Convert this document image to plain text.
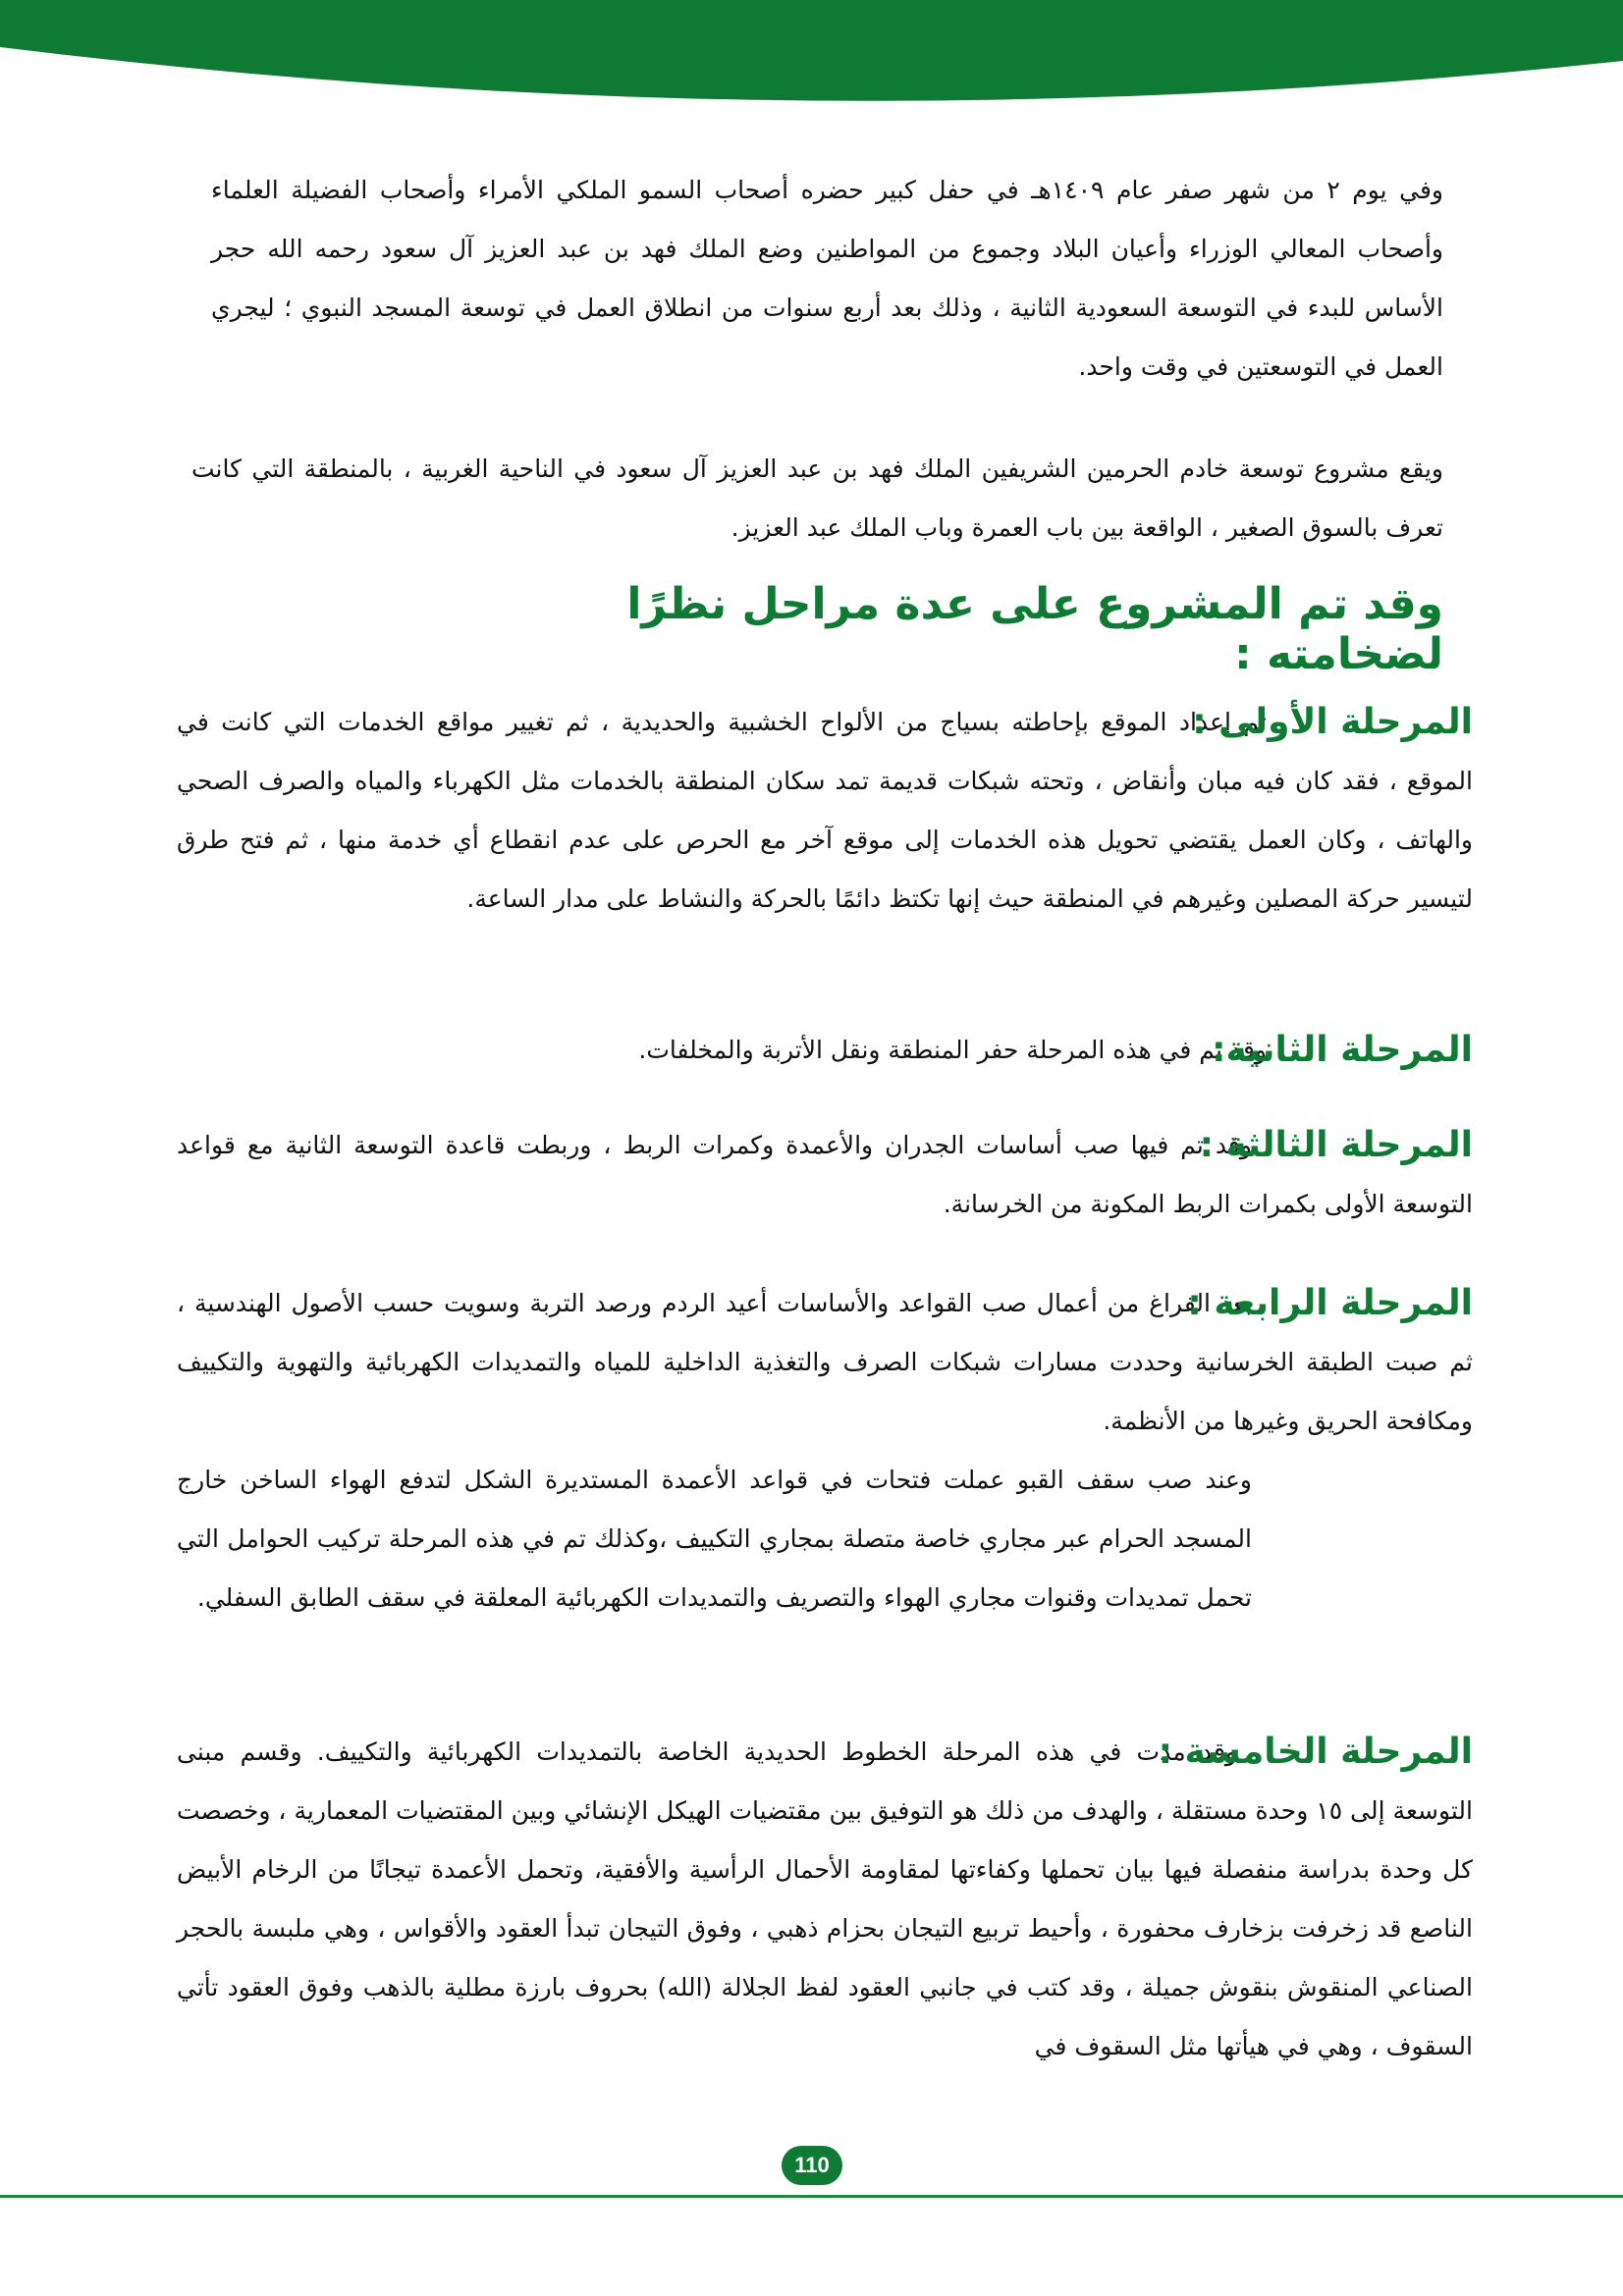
وفي يوم ٢ من شهر صفر عام ١٤٠٩هـ في حفل كبير حضره أصحاب السمو الملكي الأمراء وأصحاب الفضيلة العلماء وأصحاب المعالي الوزراء وأعيان البلاد وجموع من المواطنين وضع الملك فهد بن عبد العزيز آل سعود رحمه الله حجر الأساس للبدء في التوسعة السعودية الثانية ، وذلك بعد أربع سنوات من انطلاق العمل في توسعة المسجد النبوي ؛ ليجري العمل في التوسعتين في وقت واحد.
ويقع مشروع توسعة خادم الحرمين الشريفين الملك فهد بن عبد العزيز آل سعود في الناحية الغربية ، بالمنطقة التي كانت تعرف بالسوق الصغير ، الواقعة بين باب العمرة وباب الملك عبد العزيز.
وقد تم المشروع على عدة مراحل نظرًا لضخامته :
المرحلة الأولى :

تم إعداد الموقع بإحاطته بسياج من الألواح الخشبية والحديدية ، ثم تغيير مواقع الخدمات التي كانت في الموقع ، فقد كان فيه مبان وأنقاض ، وتحته شبكات قديمة تمد سكان المنطقة بالخدمات مثل الكهرباء والمياه والصرف الصحي والهاتف ، وكان العمل يقتضي تحويل هذه الخدمات إلى موقع آخر مع الحرص على عدم انقطاع أي خدمة منها ، ثم فتح طرق لتيسير حركة المصلين وغيرهم في المنطقة حيث إنها تكتظ دائمًا بالحركة والنشاط على مدار الساعة.

المرحلة الثانية:

وقد تم في هذه المرحلة حفر المنطقة ونقل الأتربة والمخلفات.

المرحلة الثالثة :

وقد تم فيها صب أساسات الجدران والأعمدة وكمرات الربط ، وربطت قاعدة التوسعة الثانية مع قواعد التوسعة الأولى بكمرات الربط المكونة من الخرسانة.

المرحلة الرابعة :

بعد الفراغ من أعمال صب القواعد والأساسات أعيد الردم ورصد التربة وسويت حسب الأصول الهندسية ، ثم صبت الطبقة الخرسانية وحددت مسارات شبكات الصرف والتغذية الداخلية للمياه والتمديدات الكهربائية والتهوية والتكييف ومكافحة الحريق وغيرها من الأنظمة.

وعند صب سقف القبو عملت فتحات في قواعد الأعمدة المستديرة الشكل لتدفع الهواء الساخن خارج المسجد الحرام عبر مجاري خاصة متصلة بمجاري التكييف ،وكذلك تم في هذه المرحلة تركيب الحوامل التي تحمل تمديدات وقنوات مجاري الهواء والتصريف والتمديدات الكهربائية المعلقة في سقف الطابق السفلي.

المرحلة الخامسة :

وقد مدت في هذه المرحلة الخطوط الحديدية الخاصة بالتمديدات الكهربائية والتكييف. وقسم مبنى التوسعة إلى ١٥ وحدة مستقلة ، والهدف من ذلك هو التوفيق بين مقتضيات الهيكل الإنشائي وبين المقتضيات المعمارية ، وخصصت كل وحدة بدراسة منفصلة فيها بيان تحملها وكفاءتها لمقاومة الأحمال الرأسية والأفقية، وتحمل الأعمدة تيجانًا من الرخام الأبيض الناصع قد زخرفت بزخارف محفورة ، وأحيط تربيع التيجان بحزام ذهبي ، وفوق التيجان تبدأ العقود والأقواس ، وهي ملبسة بالحجر الصناعي المنقوش بنقوش جميلة ، وقد كتب في جانبي العقود لفظ الجلالة (الله) بحروف بارزة مطلية بالذهب وفوق العقود تأتي السقوف ، وهي في هيأتها مثل السقوف في

110
